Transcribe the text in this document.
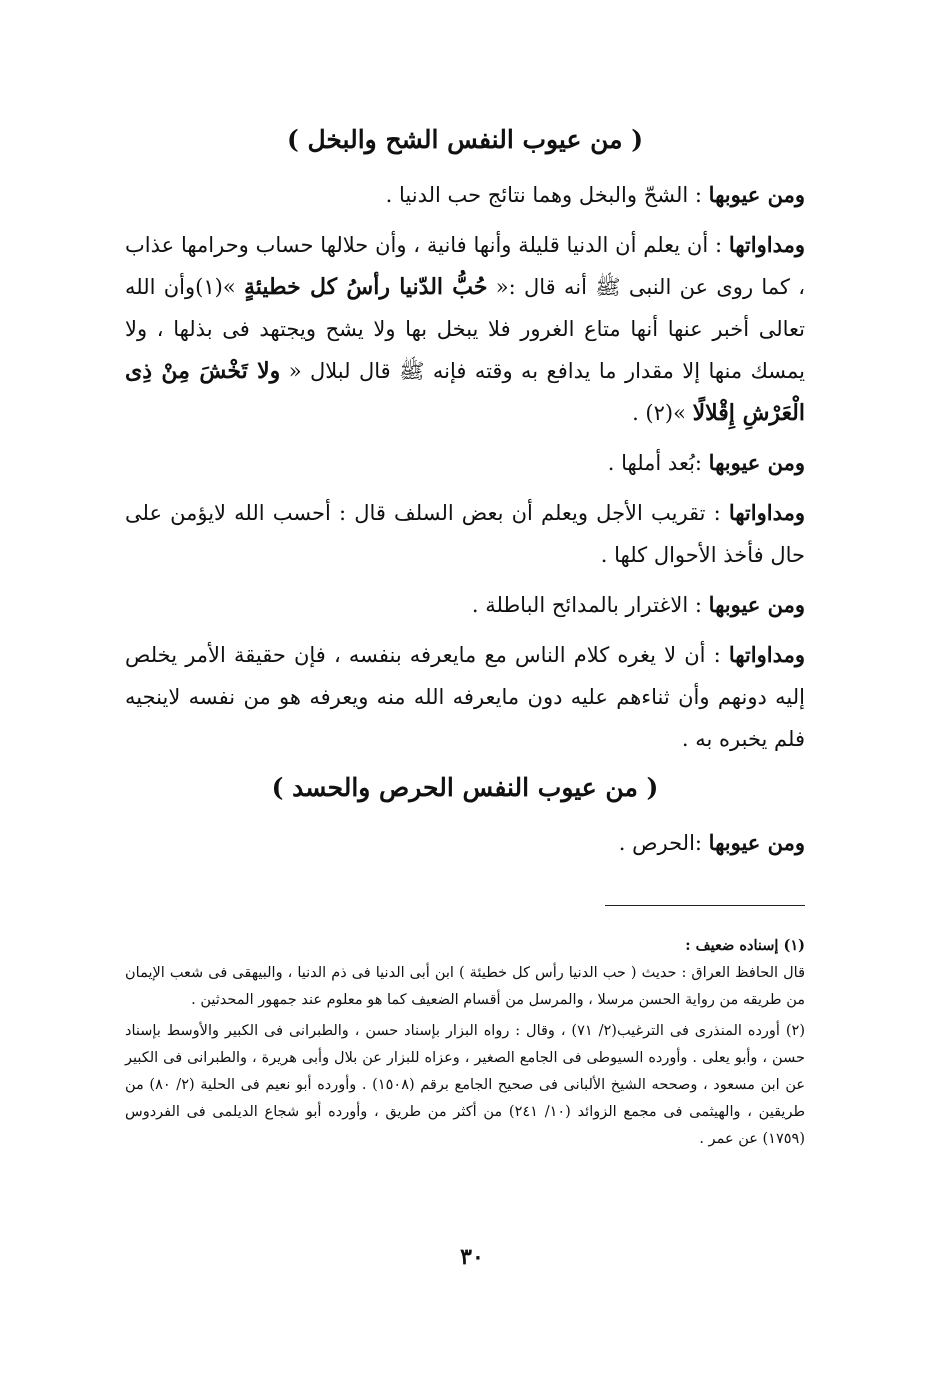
( من عيوب النفس الشح والبخل )

ومن عيوبها : الشحّ والبخل وهما نتائج حب الدنيا .

ومداواتها : أن يعلم أن الدنيا قليلة وأنها فانية ، وأن حلالها حساب وحرامها عذاب ، كما روى عن النبى ﷺ أنه قال :« حُبُّ الدّنيا رأسُ كل خطيئةٍ »(١)وأن الله تعالى أخبر عنها أنها متاع الغرور فلا يبخل بها ولا يشح ويجتهد فى بذلها ، ولا يمسك منها إلا مقدار ما يدافع به وقته فإنه ﷺ قال لبلال « ولا تَخْشَ مِنْ ذِى الْعَرْشِ إِقْلالًا »(٢) .

ومن عيوبها :بُعد أملها .

ومداواتها : تقريب الأجل ويعلم أن بعض السلف قال : أحسب الله لايؤمن على حال فأخذ الأحوال كلها .

ومن عيوبها : الاغترار بالمدائح الباطلة .

ومداواتها : أن لا يغره كلام الناس مع مايعرفه بنفسه ، فإن حقيقة الأمر يخلص إليه دونهم وأن ثناءهم عليه دون مايعرفه الله منه ويعرفه هو من نفسه لاينجيه فلم يخبره به .

( من عيوب النفس الحرص والحسد )

ومن عيوبها :الحرص .

(١) إسناده ضعيف :
قال الحافظ العراق : حديث ( حب الدنيا رأس كل خطيئة ) ابن أبى الدنيا فى ذم الدنيا ، والبيهقى فى شعب الإيمان من طريقه من رواية الحسن مرسلا ، والمرسل من أقسام الضعيف كما هو معلوم عند جمهور المحدثين .

(٢) أورده المنذرى فى الترغيب(٢/ ٧١) ، وقال : رواه البزار بإسناد حسن ، والطبرانى فى الكبير والأوسط بإسناد حسن ، وأبو يعلى . وأورده السيوطى فى الجامع الصغير ، وعزاه للبزار عن بلال وأبى هريرة ، والطبرانى فى الكبير عن ابن مسعود ، وصححه الشيخ الألبانى فى صحيح الجامع برقم (١٥٠٨) . وأورده أبو نعيم فى الحلية (٢/ ٨٠) من طريقين ، والهيثمى فى مجمع الزوائد (١٠/ ٢٤١) من أكثر من طريق ، وأورده أبو شجاع الديلمى فى الفردوس (١٧٥٩) عن عمر .

٣٠
